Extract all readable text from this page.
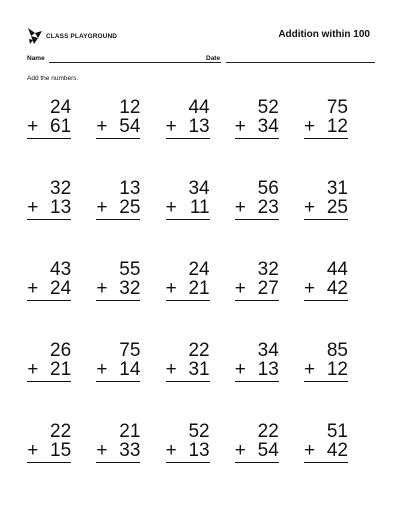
CLASS PLAYGROUND	Addition within 100
Name	Date
Add the numbers.
24
+ 61
12
+ 54
44
+ 13
52
+ 34
75
+ 12
32
+ 13
13
+ 25
34
+ 11
56
+ 23
31
+ 25
43
+ 24
55
+ 32
24
+ 21
32
+ 27
44
+ 42
26
+ 21
75
+ 14
22
+ 31
34
+ 13
85
+ 12
22
+ 15
21
+ 33
52
+ 13
22
+ 54
51
+ 42
